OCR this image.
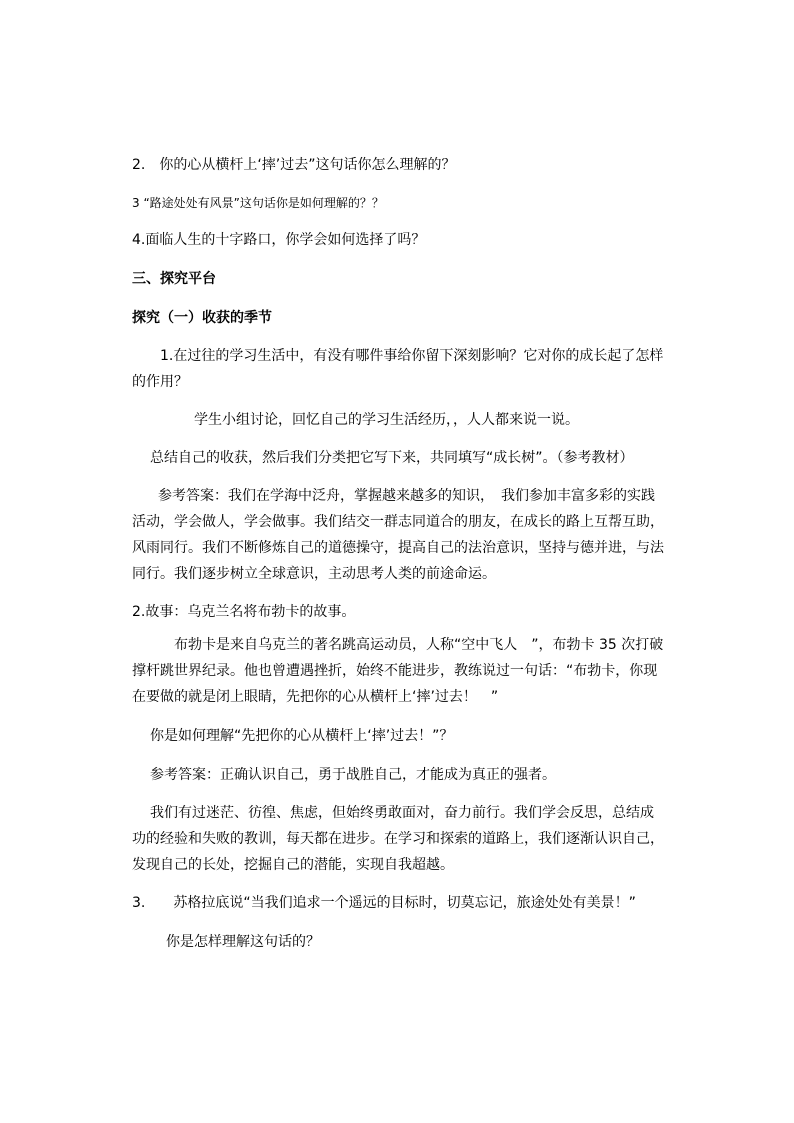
2.　你的心从横杆上‘摔’过去”这句话你怎么理解的？
3 “路途处处有风景”这句话你是如何理解的？？
4.面临人生的十字路口，你学会如何选择了吗？
三、探究平台
探究（一）收获的季节
1.在过往的学习生活中，有没有哪件事给你留下深刻影响？它对你的成长起了怎样
的作用？
学生小组讨论，回忆自己的学习生活经历，，人人都来说一说。
总结自己的收获，然后我们分类把它写下来，共同填写“成长树”。（参考教材）
参考答案：我们在学海中泛舟，掌握越来越多的知识，　我们参加丰富多彩的实践
活动，学会做人，学会做事。我们结交一群志同道合的朋友，在成长的路上互帮互助，
风雨同行。我们不断修炼自己的道德操守，提高自己的法治意识，坚持与德并进，与法
同行。我们逐步树立全球意识，主动思考人类的前途命运。
2.故事：乌克兰名将布勃卡的故事。
布勃卡是来自乌克兰的著名跳高运动员，人称“空中飞人　”，布勃卡 35 次打破
撑杆跳世界纪录。他也曾遭遇挫折，始终不能进步，教练说过一句话：“布勃卡，你现
在要做的就是闭上眼睛，先把你的心从横杆上‘摔’过去！　”
你是如何理解“先把你的心从横杆上‘摔’过去！”？
参考答案：正确认识自己，勇于战胜自己，才能成为真正的强者。
我们有过迷茫、彷徨、焦虑，但始终勇敢面对，奋力前行。我们学会反思，总结成
功的经验和失败的教训，每天都在进步。在学习和探索的道路上，我们逐渐认识自己，
发现自己的长处，挖掘自己的潜能，实现自我超越。
3.　　苏格拉底说“当我们追求一个遥远的目标时，切莫忘记，旅途处处有美景！”
你是怎样理解这句话的？
